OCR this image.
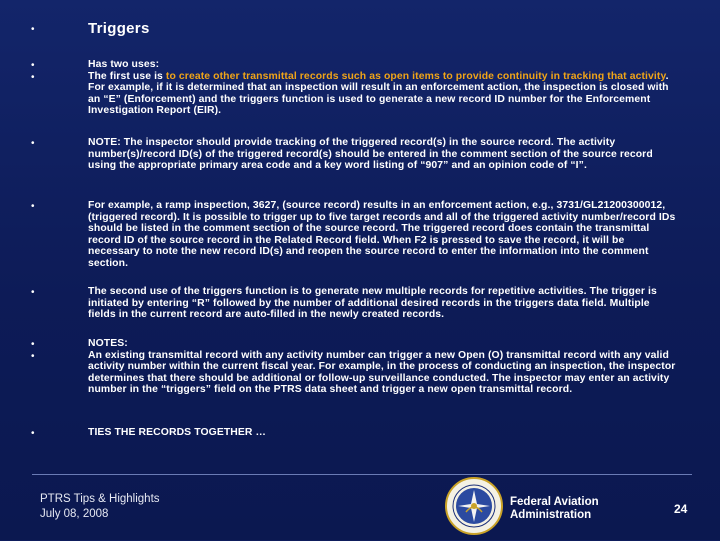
•	Triggers
•
•
Has two uses:
The first use is to create other transmittal records such as open items to provide continuity in tracking that activity. For example, if it is determined that an inspection will result in an enforcement action, the inspection is closed with an “E” (Enforcement) and the triggers function is used to generate a new record ID number for the Enforcement Investigation Report (EIR).
•	NOTE: The inspector should provide tracking of the triggered record(s) in the source record. The activity number(s)/record ID(s) of the triggered record(s) should be entered in the comment section of the source record using the appropriate primary area code and a key word listing of “907” and an opinion code of “I”.
•	For example, a ramp inspection, 3627, (source record) results in an enforcement action, e.g., 3731/GL21200300012, (triggered record). It is possible to trigger up to five target records and all of the triggered activity number/record IDs should be listed in the comment section of the source record. The triggered record does contain the transmittal record ID of the source record in the Related Record field. When F2 is pressed to save the record, it will be necessary to note the new record ID(s) and reopen the source record to enter the information into the comment section.
•	The second use of the triggers function is to generate new multiple records for repetitive activities. The trigger is initiated by entering “R” followed by the number of additional desired records in the triggers data field. Multiple fields in the current record are auto-filled in the newly created records.
•
•
NOTES:
An existing transmittal record with any activity number can trigger a new Open (O) transmittal record with any valid activity number within the current fiscal year. For example, in the process of conducting an inspection, the inspector determines that there should be additional or follow-up surveillance conducted. The inspector may enter an activity number in the “triggers” field on the PTRS data sheet and trigger a new open transmittal record.
•	TIES THE RECORDS TOGETHER …
PTRS Tips & Highlights
July 08, 2008
Federal Aviation Administration	24
